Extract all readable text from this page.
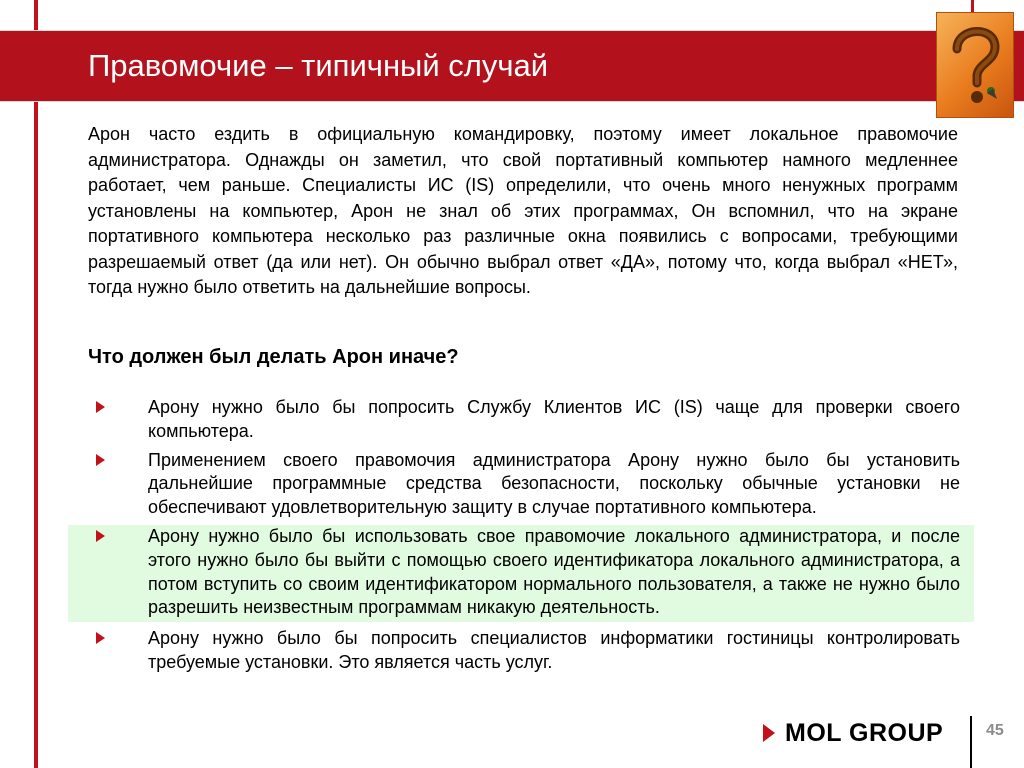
Правомочие – типичный случай
Арон часто ездить в официальную командировку, поэтому имеет локальное правомочие администратора. Однажды он заметил, что свой портативный компьютер намного медленнее работает, чем раньше. Специалисты ИС (IS) определили, что очень много ненужных программ установлены на компьютер, Арон не знал об этих программах, Он вспомнил, что на экране портативного компьютера несколько раз различные окна появились с вопросами, требующими разрешаемый ответ (да или нет). Он обычно выбрал ответ «ДА», потому что, когда выбрал «НЕТ», тогда нужно было ответить на дальнейшие вопросы.
Что должен был делать Арон иначе?
Арону нужно было бы попросить Службу Клиентов ИС (IS) чаще для проверки своего компьютера.
Применением своего правомочия администратора Арону нужно было бы установить дальнейшие программные средства безопасности, поскольку обычные установки не обеспечивают удовлетворительную защиту в случае портативного компьютера.
Арону нужно было бы использовать свое правомочие локального администратора, и после этого нужно было бы выйти с помощью своего идентификатора локального администратора, а потом вступить со своим идентификатором нормального пользователя, а также не нужно было разрешить неизвестным программам никакую деятельность.
Арону нужно было бы попросить специалистов информатики гостиницы контролировать требуемые установки. Это является часть услуг.
MOL GROUP	45
